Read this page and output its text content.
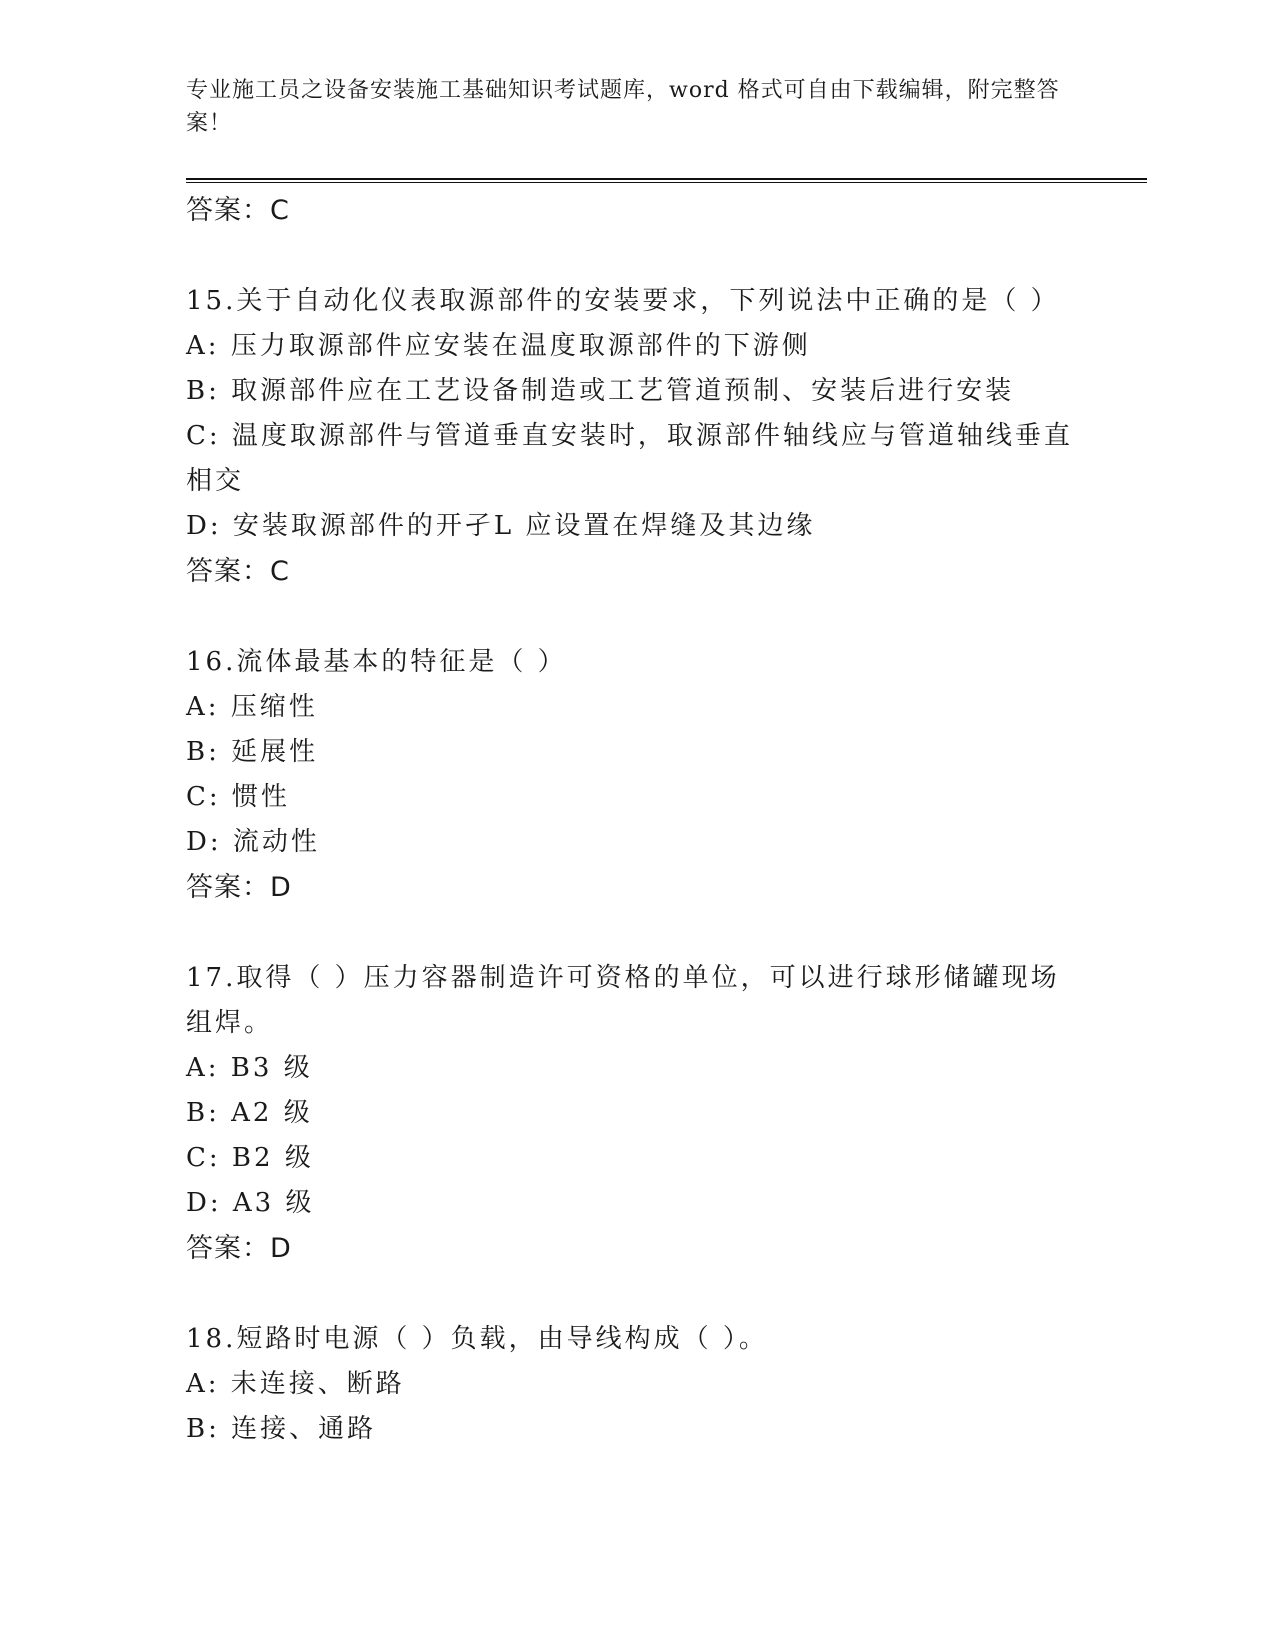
专业施工员之设备安装施工基础知识考试题库，word 格式可自由下载编辑，附完整答案！
答案：C
15.关于自动化仪表取源部件的安装要求，下列说法中正确的是（ ）
A: 压力取源部件应安装在温度取源部件的下游侧
B: 取源部件应在工艺设备制造或工艺管道预制、安装后进行安装
C: 温度取源部件与管道垂直安装时，取源部件轴线应与管道轴线垂直相交
D: 安装取源部件的开孑L 应设置在焊缝及其边缘
答案：C
16.流体最基本的特征是（ ）
A: 压缩性
B: 延展性
C: 惯性
D: 流动性
答案：D
17.取得（ ）压力容器制造许可资格的单位，可以进行球形储罐现场组焊。
A: B3 级
B: A2 级
C: B2 级
D: A3 级
答案：D
18.短路时电源（ ）负载，由导线构成（ ）。
A: 未连接、断路
B: 连接、通路
